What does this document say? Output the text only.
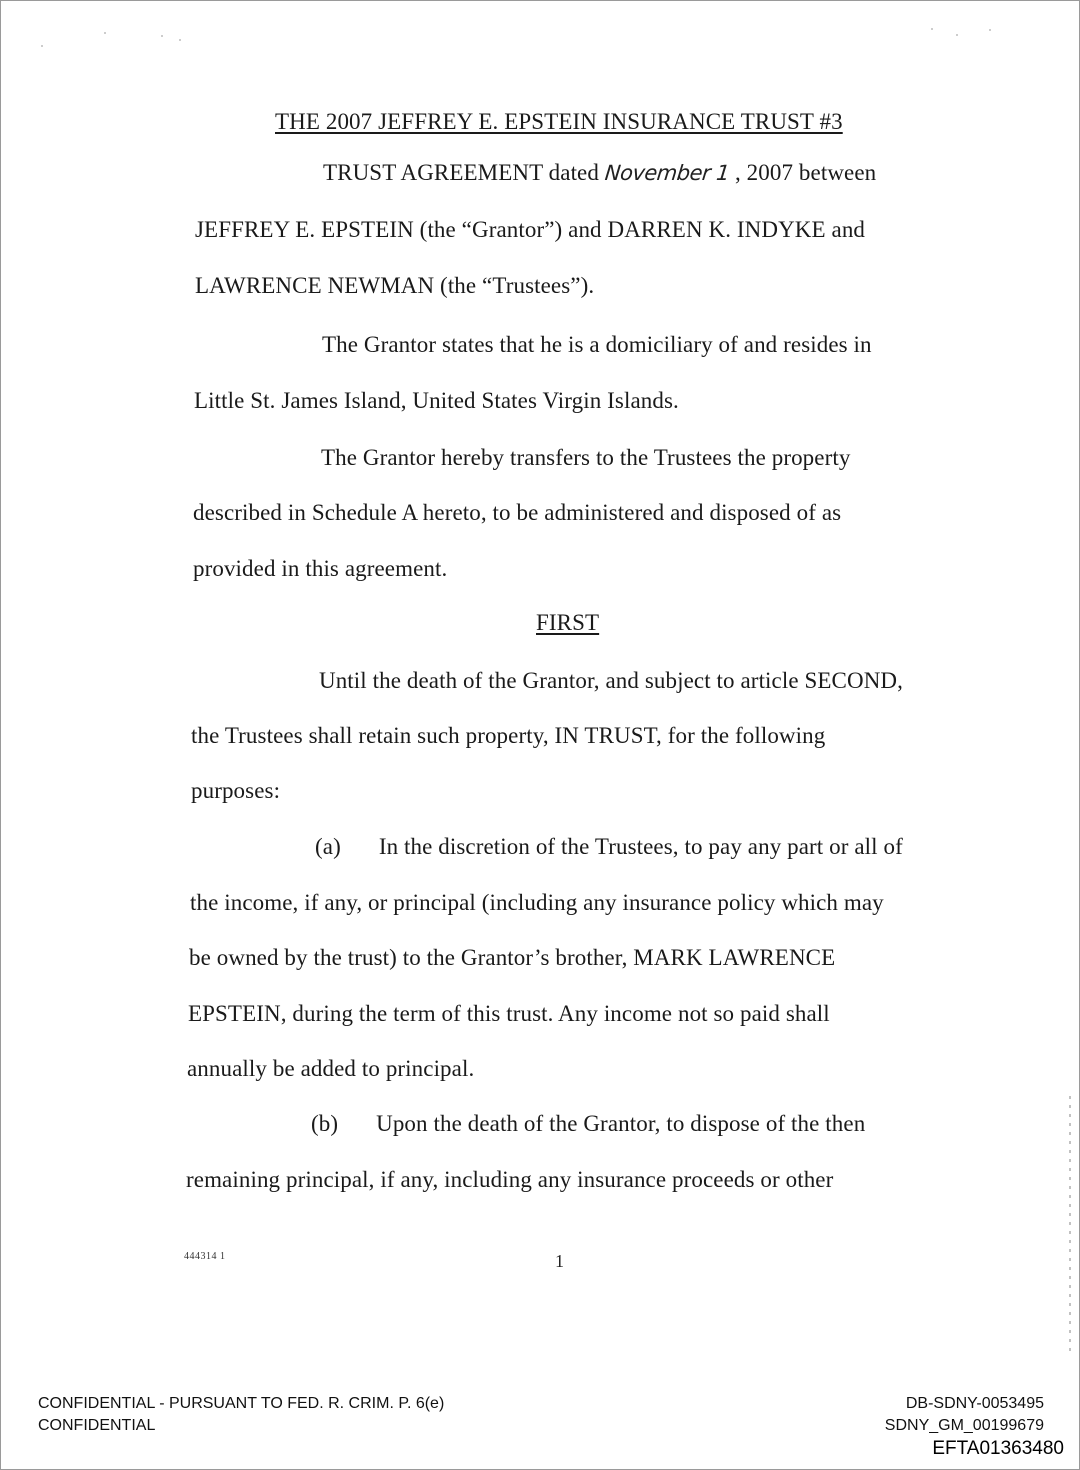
THE 2007 JEFFREY E. EPSTEIN INSURANCE TRUST #3
TRUST AGREEMENT dated November 1 , 2007 between
JEFFREY E. EPSTEIN (the “Grantor”) and DARREN K. INDYKE and
LAWRENCE NEWMAN (the “Trustees”).
The Grantor states that he is a domiciliary of and resides in
Little St. James Island, United States Virgin Islands.
The Grantor hereby transfers to the Trustees the property
described in Schedule A hereto, to be administered and disposed of as
provided in this agreement.
FIRST
Until the death of the Grantor, and subject to article SECOND,
the Trustees shall retain such property, IN TRUST, for the following
purposes:
(a) In the discretion of the Trustees, to pay any part or all of
the income, if any, or principal (including any insurance policy which may
be owned by the trust) to the Grantor’s brother, MARK LAWRENCE
EPSTEIN, during the term of this trust. Any income not so paid shall
annually be added to principal.
(b) Upon the death of the Grantor, to dispose of the then
remaining principal, if any, including any insurance proceeds or other
444314 1	1
CONFIDENTIAL - PURSUANT TO FED. R. CRIM. P. 6(e)
CONFIDENTIAL
DB-SDNY-0053495
SDNY_GM_00199679
EFTA01363480
